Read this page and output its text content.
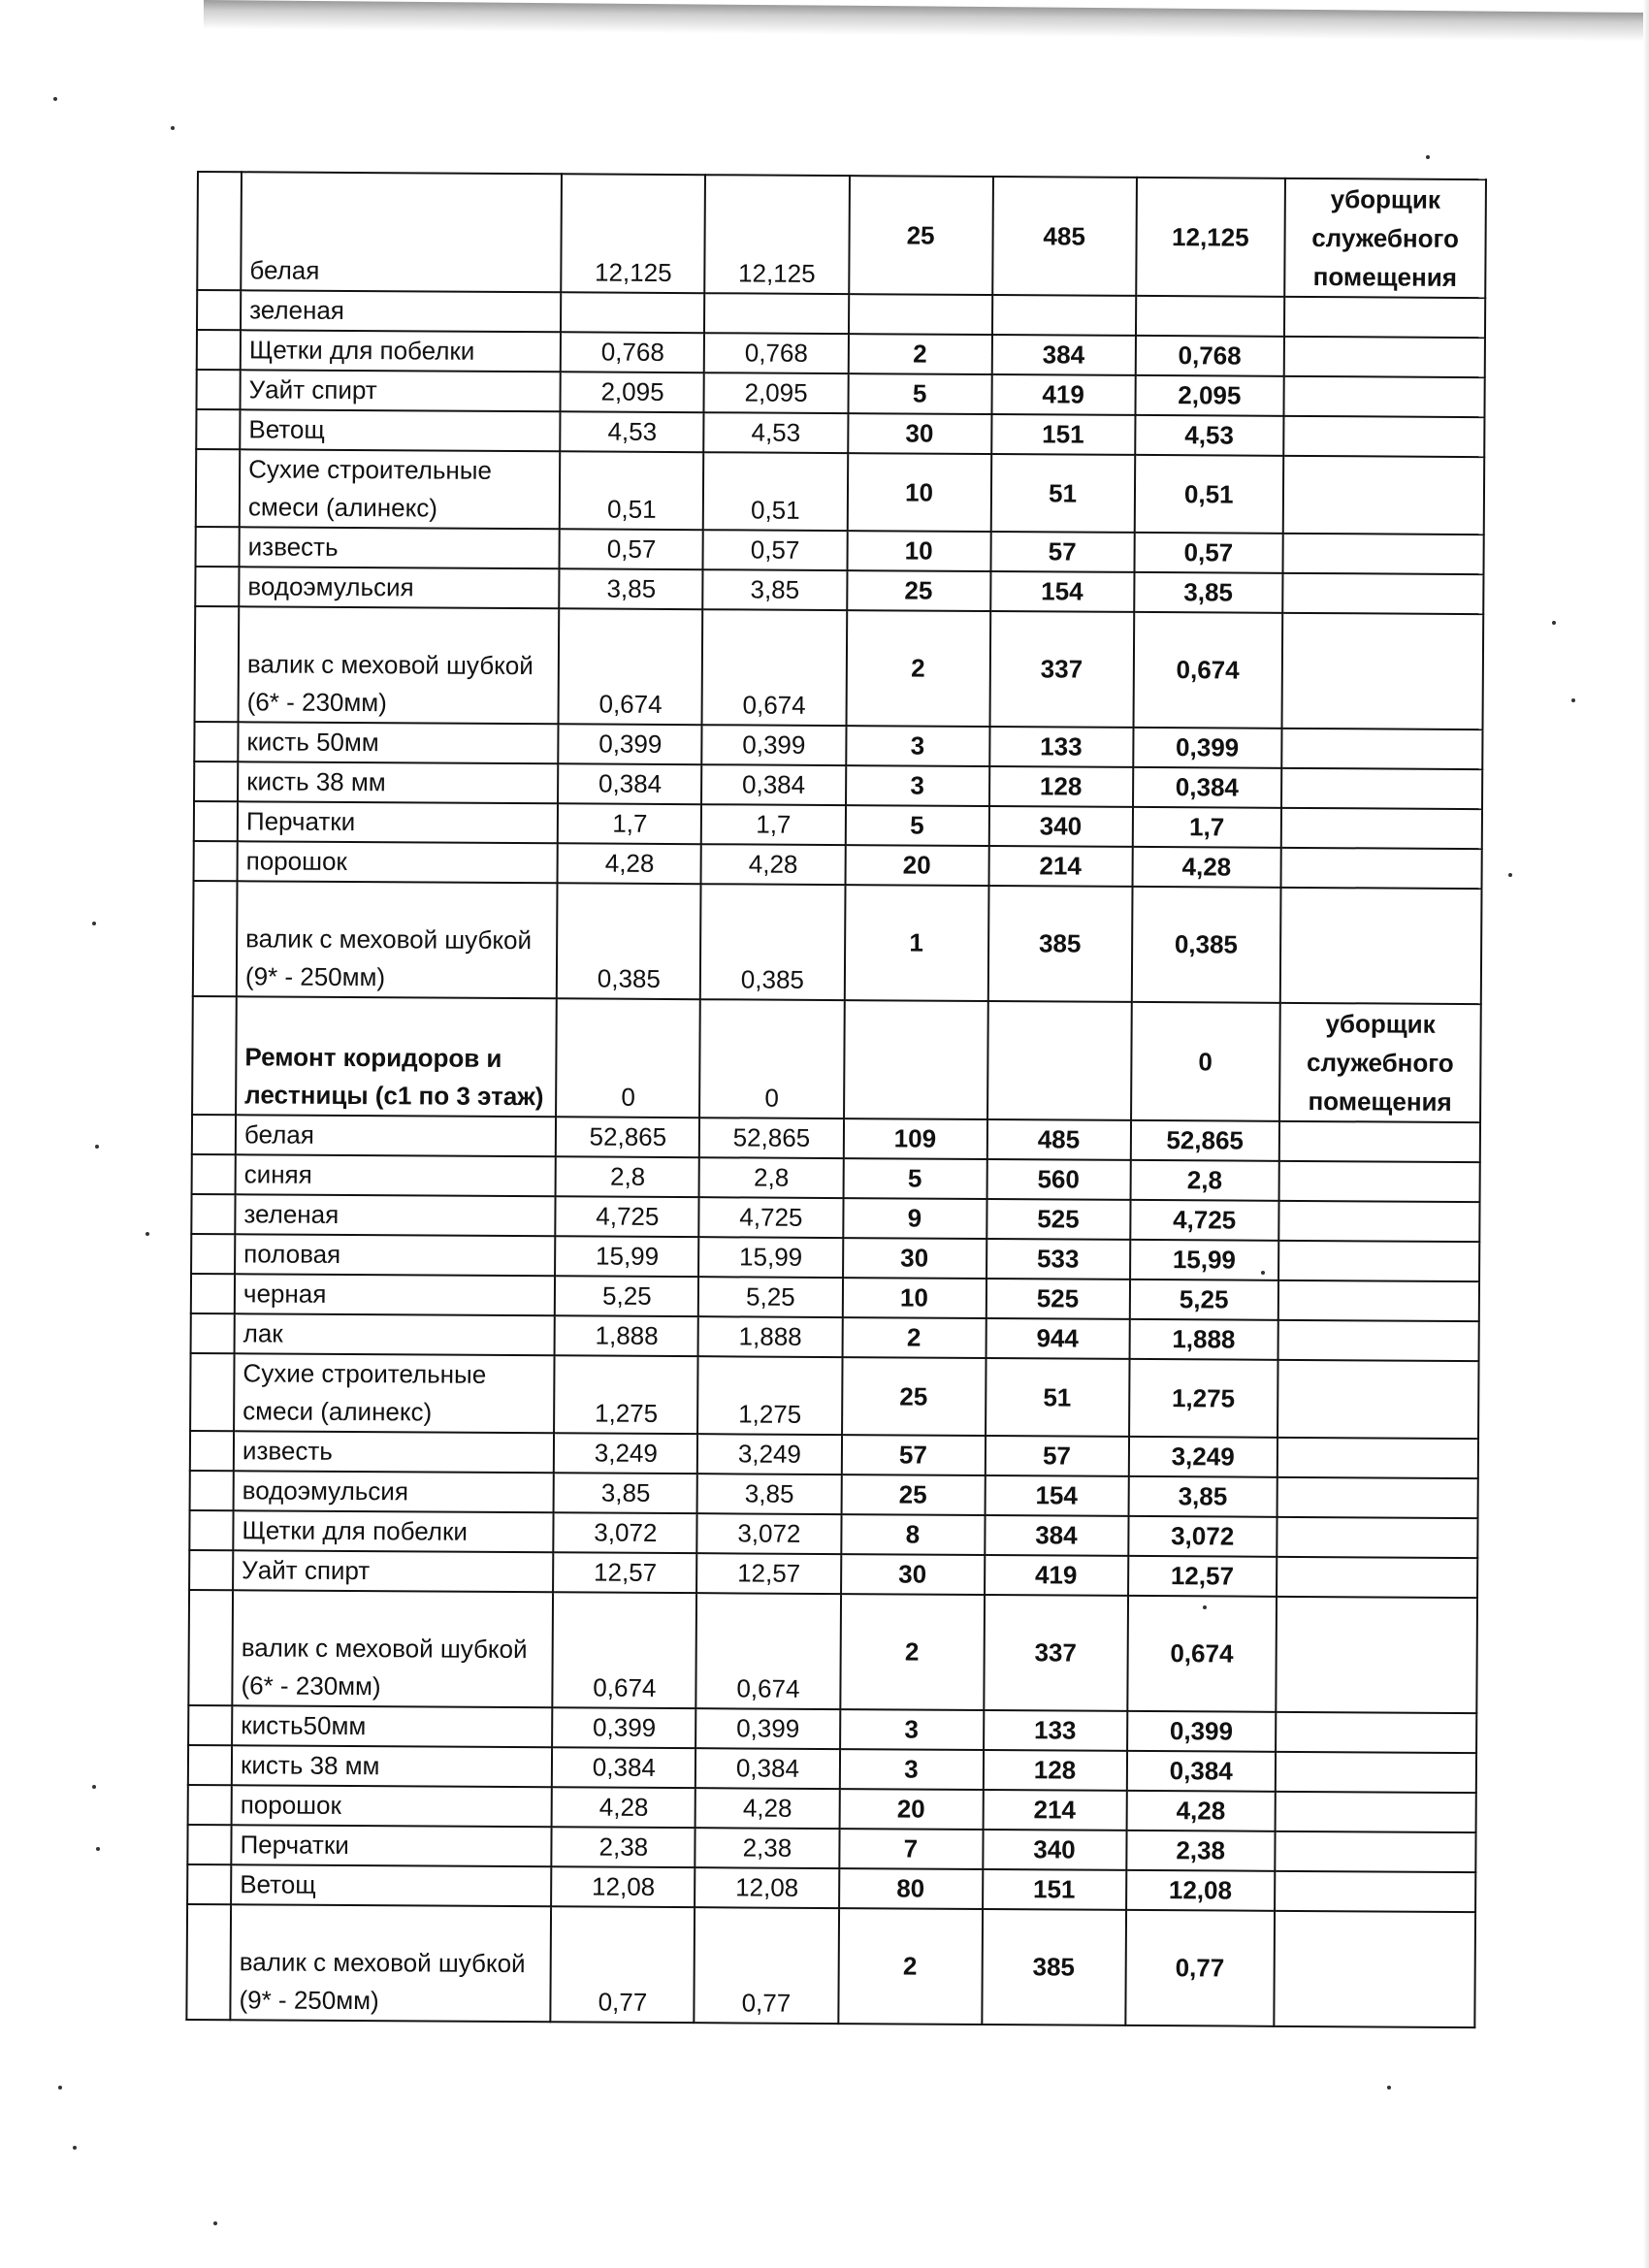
	белая	12,125	12,125	25	485	12,125	уборщик служебного помещения
	зеленая						
	Щетки для побелки	0,768	0,768	2	384	0,768	
	Уайт спирт	2,095	2,095	5	419	2,095	
	Ветощ	4,53	4,53	30	151	4,53	
	Сухие строительные смеси (алинекс)	0,51	0,51	10	51	0,51	
	известь	0,57	0,57	10	57	0,57	
	водоэмульсия	3,85	3,85	25	154	3,85	
	валик с меховой шубкой (6* - 230мм)	0,674	0,674	2	337	0,674	
	кисть 50мм	0,399	0,399	3	133	0,399	
	кисть 38 мм	0,384	0,384	3	128	0,384	
	Перчатки	1,7	1,7	5	340	1,7	
	порошок	4,28	4,28	20	214	4,28	
	валик с меховой шубкой (9* - 250мм)	0,385	0,385	1	385	0,385	
	Ремонт коридоров и лестницы (с1 по 3 этаж)	0	0			0	уборщик служебного помещения
	белая	52,865	52,865	109	485	52,865	
	синяя	2,8	2,8	5	560	2,8	
	зеленая	4,725	4,725	9	525	4,725	
	половая	15,99	15,99	30	533	15,99	
	черная	5,25	5,25	10	525	5,25	
	лак	1,888	1,888	2	944	1,888	
	Сухие строительные смеси (алинекс)	1,275	1,275	25	51	1,275	
	известь	3,249	3,249	57	57	3,249	
	водоэмульсия	3,85	3,85	25	154	3,85	
	Щетки для побелки	3,072	3,072	8	384	3,072	
	Уайт спирт	12,57	12,57	30	419	12,57	
	валик с меховой шубкой (6* - 230мм)	0,674	0,674	2	337	0,674	
	кисть50мм	0,399	0,399	3	133	0,399	
	кисть 38 мм	0,384	0,384	3	128	0,384	
	порошок	4,28	4,28	20	214	4,28	
	Перчатки	2,38	2,38	7	340	2,38	
	Ветощ	12,08	12,08	80	151	12,08	
	валик с меховой шубкой (9* - 250мм)	0,77	0,77	2	385	0,77	
